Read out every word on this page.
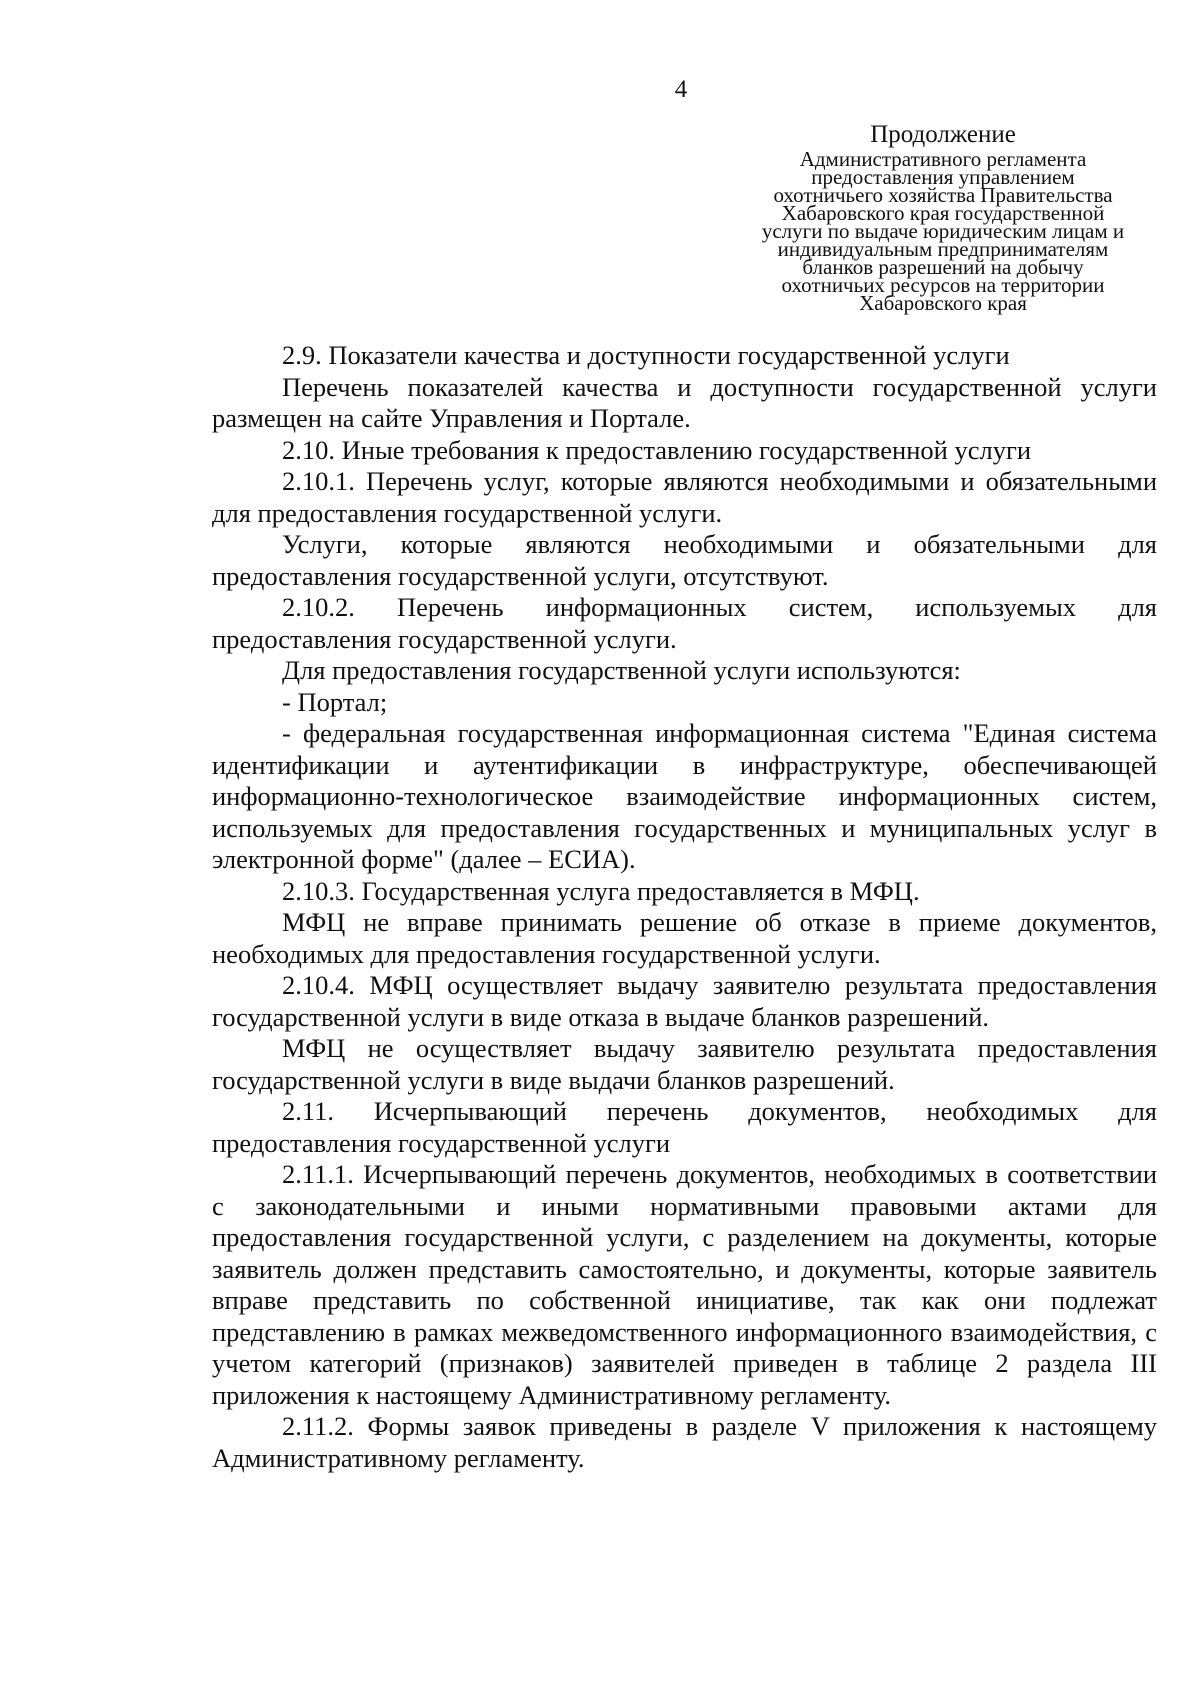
4
Продолжение
Административного регламента
предоставления управлением
охотничьего хозяйства Правительства
Хабаровского края государственной
услуги по выдаче юридическим лицам и
индивидуальным предпринимателям
бланков разрешений на добычу
охотничьих ресурсов на территории
Хабаровского края

2.9. Показатели качества и доступности государственной услуги

Перечень показателей качества и доступности государственной услуги размещен на сайте Управления и Портале.

2.10. Иные требования к предоставлению государственной услуги

2.10.1. Перечень услуг, которые являются необходимыми и обязательными для предоставления государственной услуги.

Услуги, которые являются необходимыми и обязательными для предоставления государственной услуги, отсутствуют.

2.10.2. Перечень информационных систем, используемых для предоставления государственной услуги.

Для предоставления государственной услуги используются:

- Портал;

- федеральная государственная информационная система "Единая система идентификации и аутентификации в инфраструктуре, обеспечивающей информационно-технологическое взаимодействие информационных систем, используемых для предоставления государственных и муниципальных услуг в электронной форме" (далее – ЕСИА).

2.10.3. Государственная услуга предоставляется в МФЦ.

МФЦ не вправе принимать решение об отказе в приеме документов, необходимых для предоставления государственной услуги.

2.10.4. МФЦ осуществляет выдачу заявителю результата предоставления государственной услуги в виде отказа в выдаче бланков разрешений.

МФЦ не осуществляет выдачу заявителю результата предоставления государственной услуги в виде выдачи бланков разрешений.

2.11. Исчерпывающий перечень документов, необходимых для предоставления государственной услуги

2.11.1. Исчерпывающий перечень документов, необходимых в соответствии с законодательными и иными нормативными правовыми актами для предоставления государственной услуги, с разделением на документы, которые заявитель должен представить самостоятельно, и документы, которые заявитель вправе представить по собственной инициативе, так как они подлежат представлению в рамках межведомственного информационного взаимодействия, с учетом категорий (признаков) заявителей приведен в таблице 2 раздела III приложения к настоящему Административному регламенту.

2.11.2. Формы заявок приведены в разделе V приложения к настоящему Административному регламенту.
